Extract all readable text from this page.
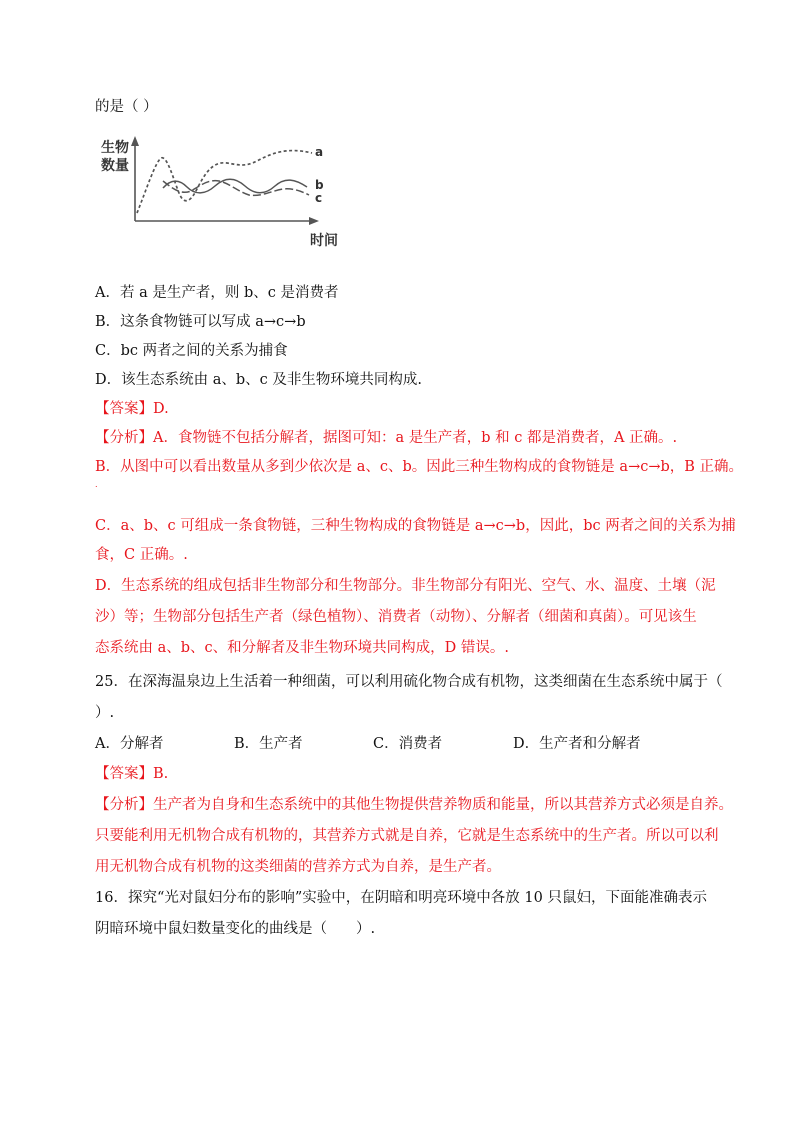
的是（ ）
生物
数量
a
b
c
时间
A．若 a 是生产者，则 b、c 是消费者
B．这条食物链可以写成 a→c→b
C．bc 两者之间的关系为捕食
D．该生态系统由 a、b、c 及非生物环境共同构成.
【答案】D.
【分析】A．食物链不包括分解者，据图可知：a 是生产者，b 和 c 都是消费者，A 正确。.
B．从图中可以看出数量从多到少依次是 a、c、b。因此三种生物构成的食物链是 a→c→b，B 正确。
.
C．a、b、c 可组成一条食物链，三种生物构成的食物链是 a→c→b，因此，bc 两者之间的关系为捕
食，C 正确。.
D．生态系统的组成包括非生物部分和生物部分。非生物部分有阳光、空气、水、温度、土壤（泥
沙）等；生物部分包括生产者（绿色植物）、消费者（动物）、分解者（细菌和真菌）。可见该生
态系统由 a、b、c、和分解者及非生物环境共同构成，D 错误。.
25．在深海温泉边上生活着一种细菌，可以利用硫化物合成有机物，这类细菌在生态系统中属于（
）.
A．分解者	B．生产者	C．消费者	D．生产者和分解者
【答案】B.
【分析】生产者为自身和生态系统中的其他生物提供营养物质和能量，所以其营养方式必须是自养。
只要能利用无机物合成有机物的，其营养方式就是自养，它就是生态系统中的生产者。所以可以利
用无机物合成有机物的这类细菌的营养方式为自养，是生产者。
16．探究“光对鼠妇分布的影响”实验中，在阴暗和明亮环境中各放 10 只鼠妇，下面能准确表示
阴暗环境中鼠妇数量变化的曲线是（　　）.
